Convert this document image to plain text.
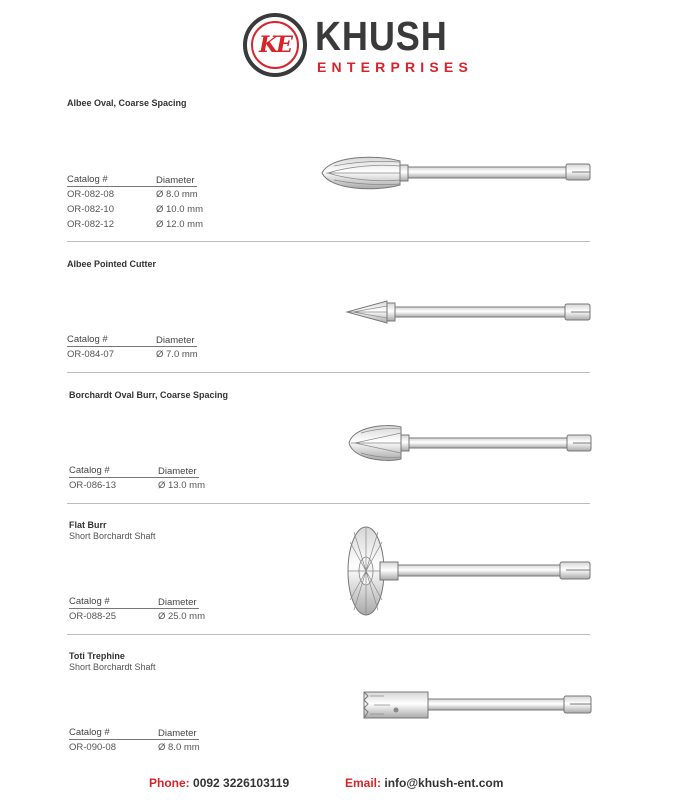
KE KHUSH
ENTERPRISES
Albee Oval, Coarse Spacing
Catalog #	Diameter
OR-082-08	Ø 8.0 mm
OR-082-10	Ø 10.0 mm
OR-082-12	Ø 12.0 mm
Albee Pointed Cutter
Catalog #	Diameter
OR-084-07	Ø 7.0 mm
Borchardt Oval Burr, Coarse Spacing
Catalog #	Diameter
OR-086-13	Ø 13.0 mm
Flat Burr
Short Borchardt Shaft
Catalog #	Diameter
OR-088-25	Ø 25.0 mm
Toti Trephine
Short Borchardt Shaft
Catalog #	Diameter
OR-090-08	Ø 8.0 mm
Phone: 0092 3226103119	Email: info@khush-ent.com
